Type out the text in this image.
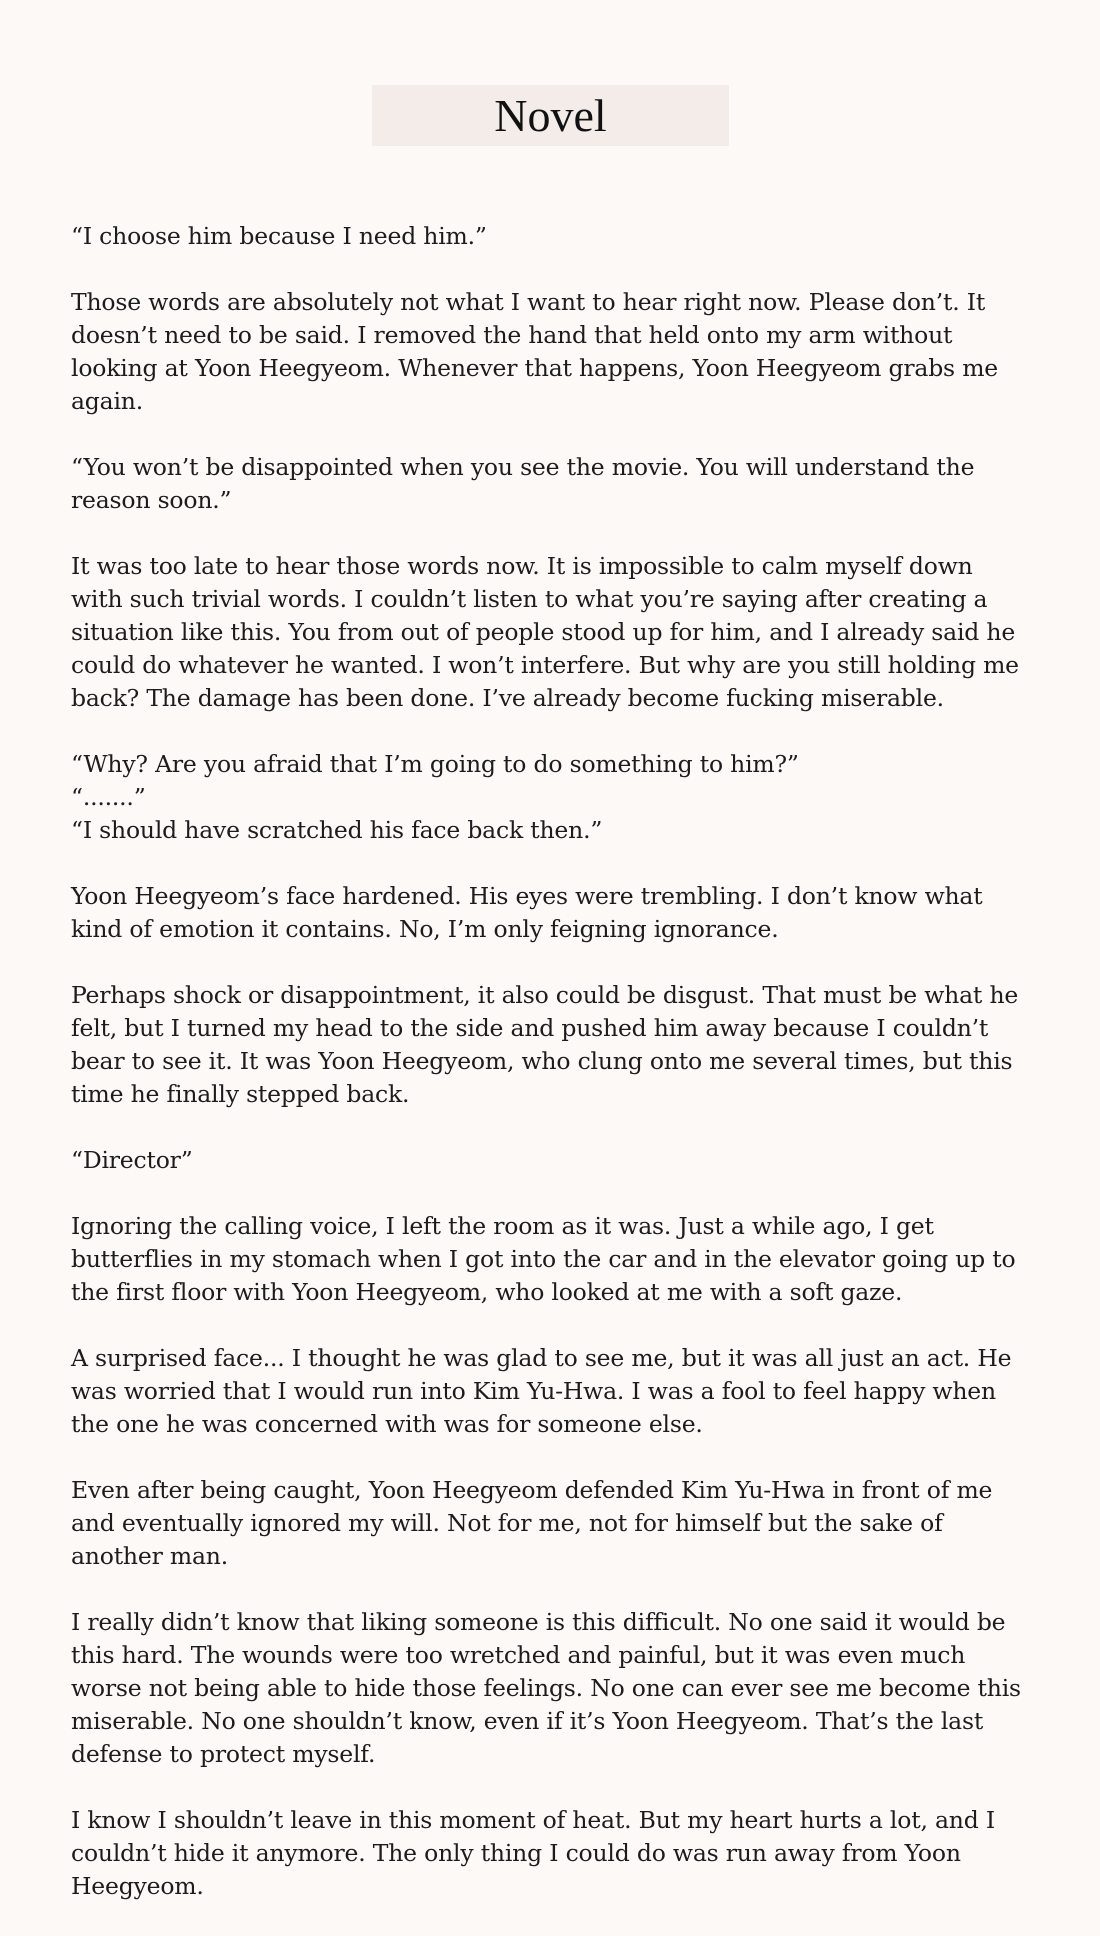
Novel

“I choose him because I need him.”

Those words are absolutely not what I want to hear right now. Please don’t. It doesn’t need to be said. I removed the hand that held onto my arm without looking at Yoon Heegyeom. Whenever that happens, Yoon Heegyeom grabs me again.

“You won’t be disappointed when you see the movie. You will understand the reason soon.”

It was too late to hear those words now. It is impossible to calm myself down with such trivial words. I couldn’t listen to what you’re saying after creating a situation like this. You from out of people stood up for him, and I already said he could do whatever he wanted. I won’t interfere. But why are you still holding me back? The damage has been done. I’ve already become fucking miserable.

“Why? Are you afraid that I’m going to do something to him?”

“.......”

“I should have scratched his face back then.”

Yoon Heegyeom’s face hardened. His eyes were trembling. I don’t know what kind of emotion it contains. No, I’m only feigning ignorance.

Perhaps shock or disappointment, it also could be disgust. That must be what he felt, but I turned my head to the side and pushed him away because I couldn’t bear to see it. It was Yoon Heegyeom, who clung onto me several times, but this time he finally stepped back.

“Director”

Ignoring the calling voice, I left the room as it was. Just a while ago, I get butterflies in my stomach when I got into the car and in the elevator going up to the first floor with Yoon Heegyeom, who looked at me with a soft gaze.

A surprised face... I thought he was glad to see me, but it was all just an act. He was worried that I would run into Kim Yu-Hwa. I was a fool to feel happy when the one he was concerned with was for someone else.

Even after being caught, Yoon Heegyeom defended Kim Yu-Hwa in front of me and eventually ignored my will. Not for me, not for himself but the sake of another man.

I really didn’t know that liking someone is this difficult. No one said it would be this hard. The wounds were too wretched and painful, but it was even much worse not being able to hide those feelings. No one can ever see me become this miserable. No one shouldn’t know, even if it’s Yoon Heegyeom. That’s the last defense to protect myself.

I know I shouldn’t leave in this moment of heat. But my heart hurts a lot, and I couldn’t hide it anymore. The only thing I could do was run away from Yoon Heegyeom.
